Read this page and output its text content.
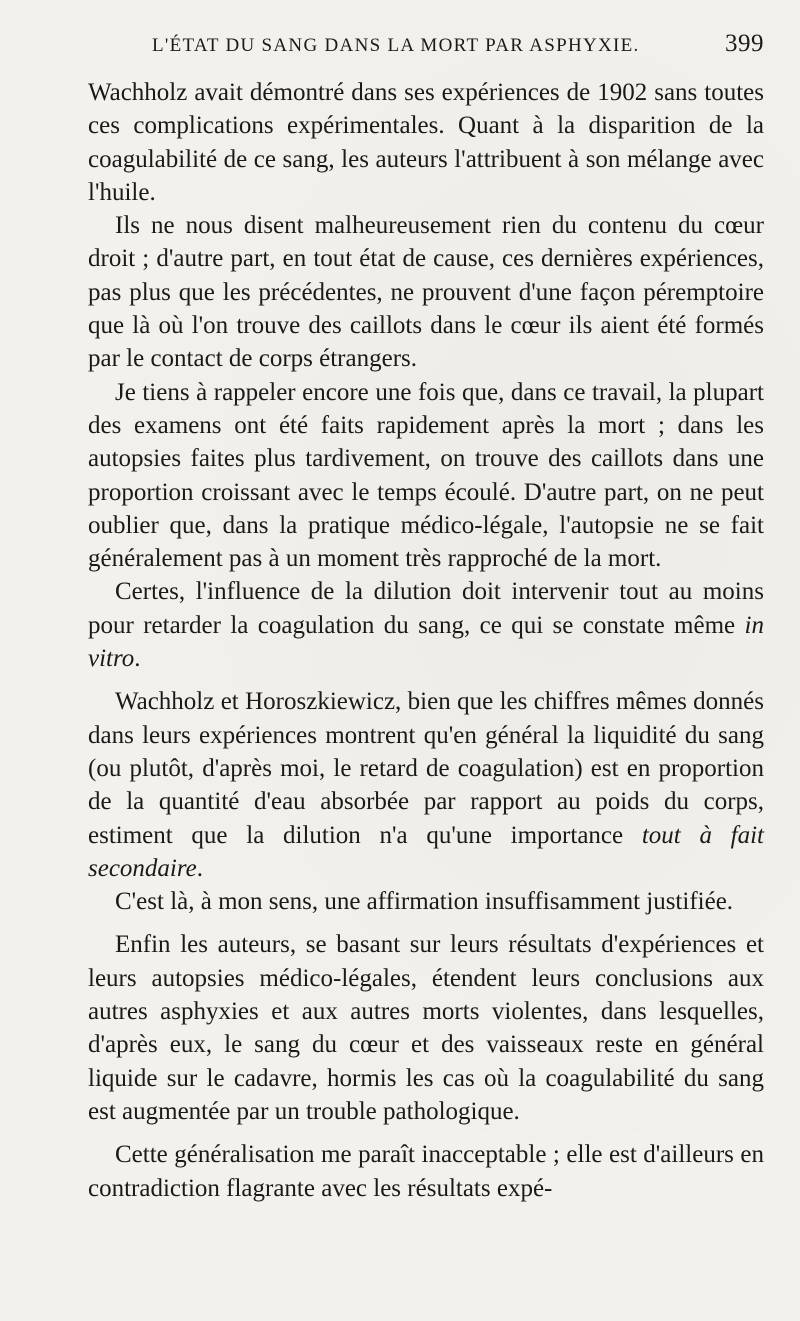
L'ÉTAT DU SANG DANS LA MORT PAR ASPHYXIE.	399

Wachholz avait démontré dans ses expériences de 1902 sans toutes ces complications expérimentales. Quant à la disparition de la coagulabilité de ce sang, les auteurs l'attribuent à son mélange avec l'huile.

Ils ne nous disent malheureusement rien du contenu du cœur droit ; d'autre part, en tout état de cause, ces dernières expériences, pas plus que les précédentes, ne prouvent d'une façon péremptoire que là où l'on trouve des caillots dans le cœur ils aient été formés par le contact de corps étrangers.

Je tiens à rappeler encore une fois que, dans ce travail, la plupart des examens ont été faits rapidement après la mort ; dans les autopsies faites plus tardivement, on trouve des caillots dans une proportion croissant avec le temps écoulé. D'autre part, on ne peut oublier que, dans la pratique médico-légale, l'autopsie ne se fait généralement pas à un moment très rapproché de la mort.

Certes, l'influence de la dilution doit intervenir tout au moins pour retarder la coagulation du sang, ce qui se constate même in vitro.

Wachholz et Horoszkiewicz, bien que les chiffres mêmes donnés dans leurs expériences montrent qu'en général la liquidité du sang (ou plutôt, d'après moi, le retard de coagulation) est en proportion de la quantité d'eau absorbée par rapport au poids du corps, estiment que la dilution n'a qu'une importance tout à fait secondaire.

C'est là, à mon sens, une affirmation insuffisamment justifiée.

Enfin les auteurs, se basant sur leurs résultats d'expériences et leurs autopsies médico-légales, étendent leurs conclusions aux autres asphyxies et aux autres morts violentes, dans lesquelles, d'après eux, le sang du cœur et des vaisseaux reste en général liquide sur le cadavre, hormis les cas où la coagulabilité du sang est augmentée par un trouble pathologique.

Cette généralisation me paraît inacceptable ; elle est d'ailleurs en contradiction flagrante avec les résultats expé-
